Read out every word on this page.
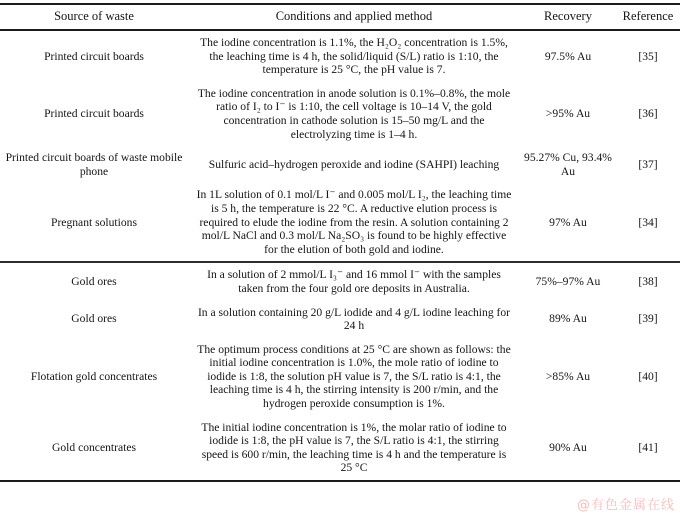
Source of waste	Conditions and applied method	Recovery	Reference
Printed circuit boards	The iodine concentration is 1.1%, the H₂O₂ concentration is 1.5%, the leaching time is 4 h, the solid/liquid (S/L) ratio is 1:10, the temperature is 25 °C, the pH value is 7.	97.5% Au	[35]
Printed circuit boards	The iodine concentration in anode solution is 0.1%–0.8%, the mole ratio of I₂ to I⁻ is 1:10, the cell voltage is 10–14 V, the gold concentration in cathode solution is 15–50 mg/L and the electrolyzing time is 1–4 h.	>95% Au	[36]
Printed circuit boards of waste mobile phone	Sulfuric acid–hydrogen peroxide and iodine (SAHPI) leaching	95.27% Cu, 93.4% Au	[37]
Pregnant solutions	In 1L solution of 0.1 mol/L I⁻ and 0.005 mol/L I₂, the leaching time is 5 h, the temperature is 22 °C. A reductive elution process is required to elude the iodine from the resin. A solution containing 2 mol/L NaCl and 0.3 mol/L Na₂SO₃ is found to be highly effective for the elution of both gold and iodine.	97% Au	[34]
Gold ores	In a solution of 2 mmol/L I₃⁻ and 16 mmol I⁻ with the samples taken from the four gold ore deposits in Australia.	75%–97% Au	[38]
Gold ores	In a solution containing 20 g/L iodide and 4 g/L iodine leaching for 24 h	89% Au	[39]
Flotation gold concentrates	The optimum process conditions at 25 °C are shown as follows: the initial iodine concentration is 1.0%, the mole ratio of iodine to iodide is 1:8, the solution pH value is 7, the S/L ratio is 4:1, the leaching time is 4 h, the stirring intensity is 200 r/min, and the hydrogen peroxide consumption is 1%.	>85% Au	[40]
Gold concentrates	The initial iodine concentration is 1%, the molar ratio of iodine to iodide is 1:8, the pH value is 7, the S/L ratio is 4:1, the stirring speed is 600 r/min, the leaching time is 4 h and the temperature is 25 °C	90% Au	[41]
@有色金属在线
